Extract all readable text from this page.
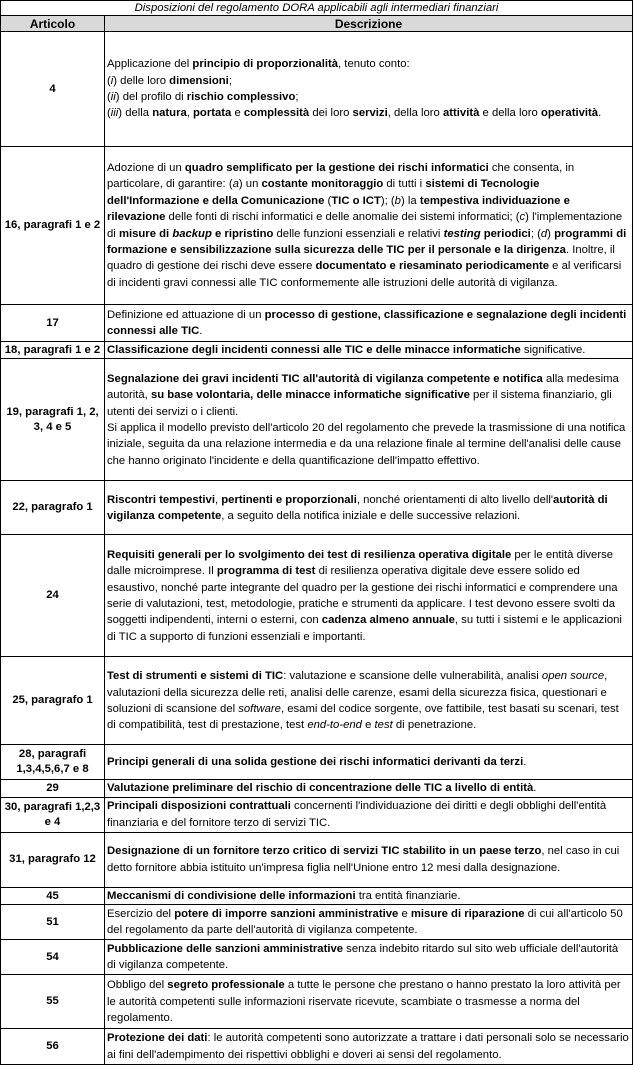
Disposizioni del regolamento DORA applicabili agli intermediari finanziari	
Articolo	Descrizione
4	Applicazione del principio di proporzionalità, tenuto conto:
(i) delle loro dimensioni;
(ii) del profilo di rischio complessivo;
(iii) della natura, portata e complessità dei loro servizi, della loro attività e della loro operatività.
16, paragrafi 1 e 2	Adozione di un quadro semplificato per la gestione dei rischi informatici che consenta, in particolare, di garantire: (a) un costante monitoraggio di tutti i sistemi di Tecnologie dell'Informazione e della Comunicazione (TIC o ICT); (b) la tempestiva individuazione e rilevazione delle fonti di rischi informatici e delle anomalie dei sistemi informatici; (c) l'implementazione di misure di backup e ripristino delle funzioni essenziali e relativi testing periodici; (d) programmi di formazione e sensibilizzazione sulla sicurezza delle TIC per il personale e la dirigenza. Inoltre, il quadro di gestione dei rischi deve essere documentato e riesaminato periodicamente e al verificarsi di incidenti gravi connessi alle TIC conformemente alle istruzioni delle autorità di vigilanza.
17	Definizione ed attuazione di un processo di gestione, classificazione e segnalazione degli incidenti connessi alle TIC.
18, paragrafi 1 e 2	Classificazione degli incidenti connessi alle TIC e delle minacce informatiche significative.
19, paragrafi 1, 2, 3, 4 e 5	Segnalazione dei gravi incidenti TIC all'autorità di vigilanza competente e notifica alla medesima autorità, su base volontaria, delle minacce informatiche significative per il sistema finanziario, gli utenti dei servizi o i clienti.
Si applica il modello previsto dell'articolo 20 del regolamento che prevede la trasmissione di una notifica iniziale, seguita da una relazione intermedia e da una relazione finale al termine dell'analisi delle cause che hanno originato l'incidente e della quantificazione dell'impatto effettivo.
22, paragrafo 1	Riscontri tempestivi, pertinenti e proporzionali, nonché orientamenti di alto livello dell'autorità di vigilanza competente, a seguito della notifica iniziale e delle successive relazioni.
24	Requisiti generali per lo svolgimento dei test di resilienza operativa digitale per le entità diverse dalle microimprese. Il programma di test di resilienza operativa digitale deve essere solido ed esaustivo, nonché parte integrante del quadro per la gestione dei rischi informatici e comprendere una serie di valutazioni, test, metodologie, pratiche e strumenti da applicare. I test devono essere svolti da soggetti indipendenti, interni o esterni, con cadenza almeno annuale, su tutti i sistemi e le applicazioni di TIC a supporto di funzioni essenziali e importanti.
25, paragrafo 1	Test di strumenti e sistemi di TIC: valutazione e scansione delle vulnerabilità, analisi open source, valutazioni della sicurezza delle reti, analisi delle carenze, esami della sicurezza fisica, questionari e soluzioni di scansione del software, esami del codice sorgente, ove fattibile, test basati su scenari, test di compatibilità, test di prestazione, test end-to-end e test di penetrazione.
28, paragrafi 1,3,4,5,6,7 e 8	Principi generali di una solida gestione dei rischi informatici derivanti da terzi.
29	Valutazione preliminare del rischio di concentrazione delle TIC a livello di entità.
30, paragrafi 1,2,3 e 4	Principali disposizioni contrattuali concernenti l'individuazione dei diritti e degli obblighi dell'entità finanziaria e del fornitore terzo di servizi TIC.
31, paragrafo 12	Designazione di un fornitore terzo critico di servizi TIC stabilito in un paese terzo, nel caso in cui detto fornitore abbia istituito un'impresa figlia nell'Unione entro 12 mesi dalla designazione.
45	Meccanismi di condivisione delle informazioni tra entità finanziarie.
51	Esercizio del potere di imporre sanzioni amministrative e misure di riparazione di cui all'articolo 50 del regolamento da parte dell'autorità di vigilanza competente.
54	Pubblicazione delle sanzioni amministrative senza indebito ritardo sul sito web ufficiale dell'autorità di vigilanza competente.
55	Obbligo del segreto professionale a tutte le persone che prestano o hanno prestato la loro attività per le autorità competenti sulle informazioni riservate ricevute, scambiate o trasmesse a norma del regolamento.
56	Protezione dei dati: le autorità competenti sono autorizzate a trattare i dati personali solo se necessario ai fini dell'adempimento dei rispettivi obblighi e doveri ai sensi del regolamento.
